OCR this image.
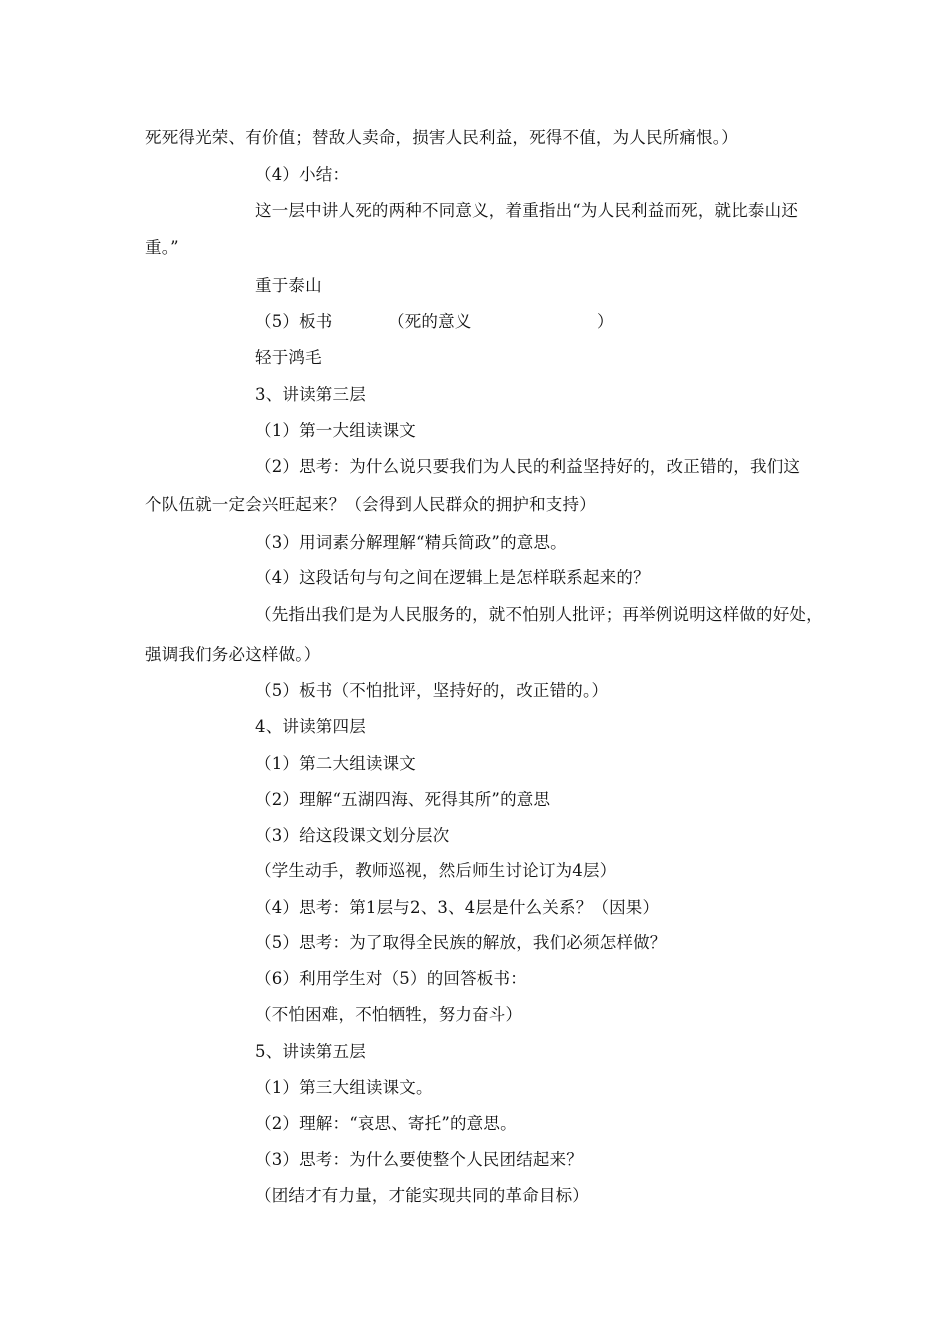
死死得光荣、有价值；替敌人卖命，损害人民利益，死得不值，为人民所痛恨。）
（4）小结：
这一层中讲人死的两种不同意义，着重指出“为人民利益而死，就比泰山还
重。”
重于泰山
（5）板书	（死的意义	）
轻于鸿毛
3、讲读第三层
（1）第一大组读课文
（2）思考：为什么说只要我们为人民的利益坚持好的，改正错的，我们这
个队伍就一定会兴旺起来？（会得到人民群众的拥护和支持）
（3）用词素分解理解“精兵简政”的意思。
（4）这段话句与句之间在逻辑上是怎样联系起来的？
（先指出我们是为人民服务的，就不怕别人批评；再举例说明这样做的好处，
强调我们务必这样做。）
（5）板书（不怕批评，坚持好的，改正错的。）
4、讲读第四层
（1）第二大组读课文
（2）理解“五湖四海、死得其所”的意思
（3）给这段课文划分层次
（学生动手，教师巡视，然后师生讨论订为4层）
（4）思考：第1层与2、3、4层是什么关系？（因果）
（5）思考：为了取得全民族的解放，我们必须怎样做？
（6）利用学生对（5）的回答板书：
（不怕困难，不怕牺牲，努力奋斗）
5、讲读第五层
（1）第三大组读课文。
（2）理解：“哀思、寄托”的意思。
（3）思考：为什么要使整个人民团结起来？
（团结才有力量，才能实现共同的革命目标）
